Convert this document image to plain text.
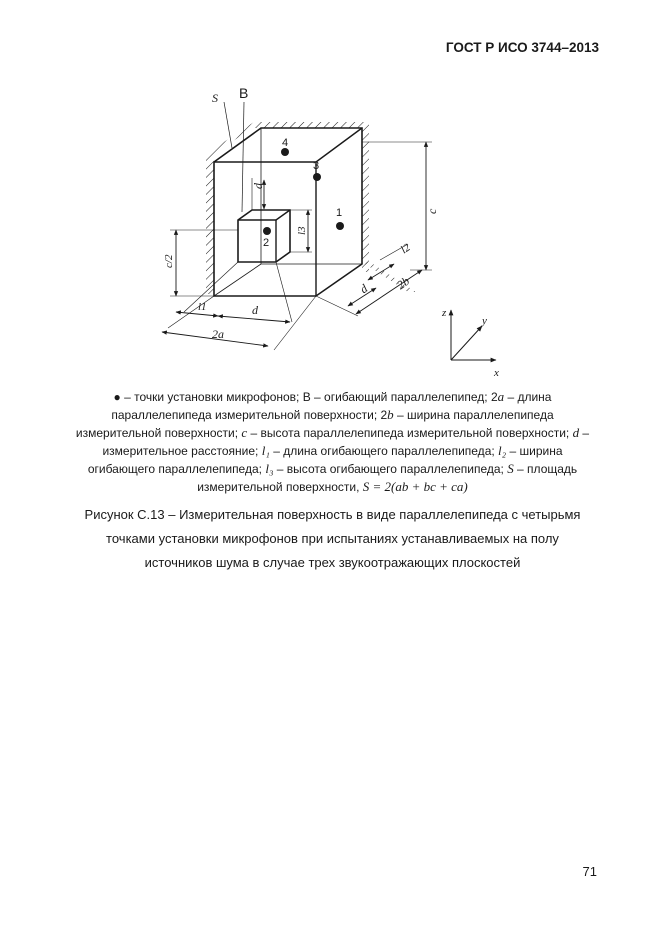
ГОСТ Р ИСО 3744–2013
S B
1
2
3
4
d
l3
c/2
c
l2
d 2b
l1	d
2a
z
y
x
● – точки установки микрофонов; B – огибающий параллелепипед; 2a – длина
параллелепипеда измерительной поверхности; 2b – ширина параллелепипеда
измерительной поверхности; c – высота параллелепипеда измерительной поверхности; d –
измерительное расстояние; l₁ – длина огибающего параллелепипеда; l₂ – ширина
огибающего параллелепипеда; l₃ – высота огибающего параллелепипеда; S – площадь
измерительной поверхности, S = 2(ab + bc + ca)
Рисунок С.13 – Измерительная поверхность в виде параллелепипеда с четырьмя
точками установки микрофонов при испытаниях устанавливаемых на полу
источников шума в случае трех звукоотражающих плоскостей
71
